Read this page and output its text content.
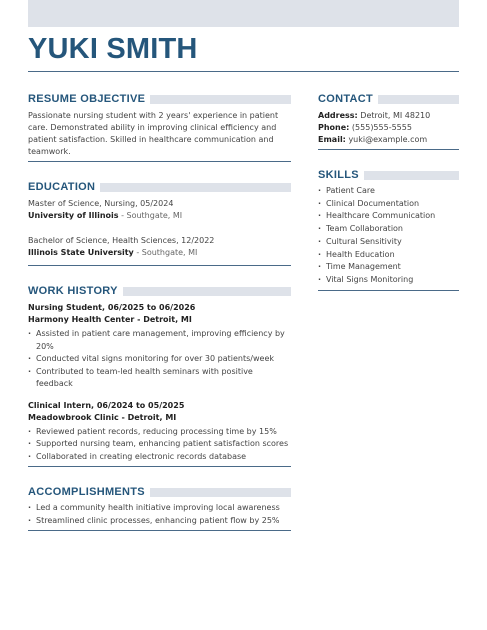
YUKI SMITH
RESUME OBJECTIVE
Passionate nursing student with 2 years' experience in patient care. Demonstrated ability in improving clinical efficiency and patient satisfaction. Skilled in healthcare communication and teamwork.
EDUCATION
Master of Science, Nursing, 05/2024
University of Illinois - Southgate, MI
Bachelor of Science, Health Sciences, 12/2022
Illinois State University - Southgate, MI
WORK HISTORY
Nursing Student, 06/2025 to 06/2026
Harmony Health Center - Detroit, MI
· Assisted in patient care management, improving efficiency by 20%
· Conducted vital signs monitoring for over 30 patients/week
· Contributed to team-led health seminars with positive feedback
Clinical Intern, 06/2024 to 05/2025
Meadowbrook Clinic - Detroit, MI
· Reviewed patient records, reducing processing time by 15%
· Supported nursing team, enhancing patient satisfaction scores
· Collaborated in creating electronic records database
ACCOMPLISHMENTS
· Led a community health initiative improving local awareness
· Streamlined clinic processes, enhancing patient flow by 25%
CONTACT
Address: Detroit, MI 48210
Phone: (555)555-5555
Email: yuki@example.com
SKILLS
· Patient Care
· Clinical Documentation
· Healthcare Communication
· Team Collaboration
· Cultural Sensitivity
· Health Education
· Time Management
· Vital Signs Monitoring
